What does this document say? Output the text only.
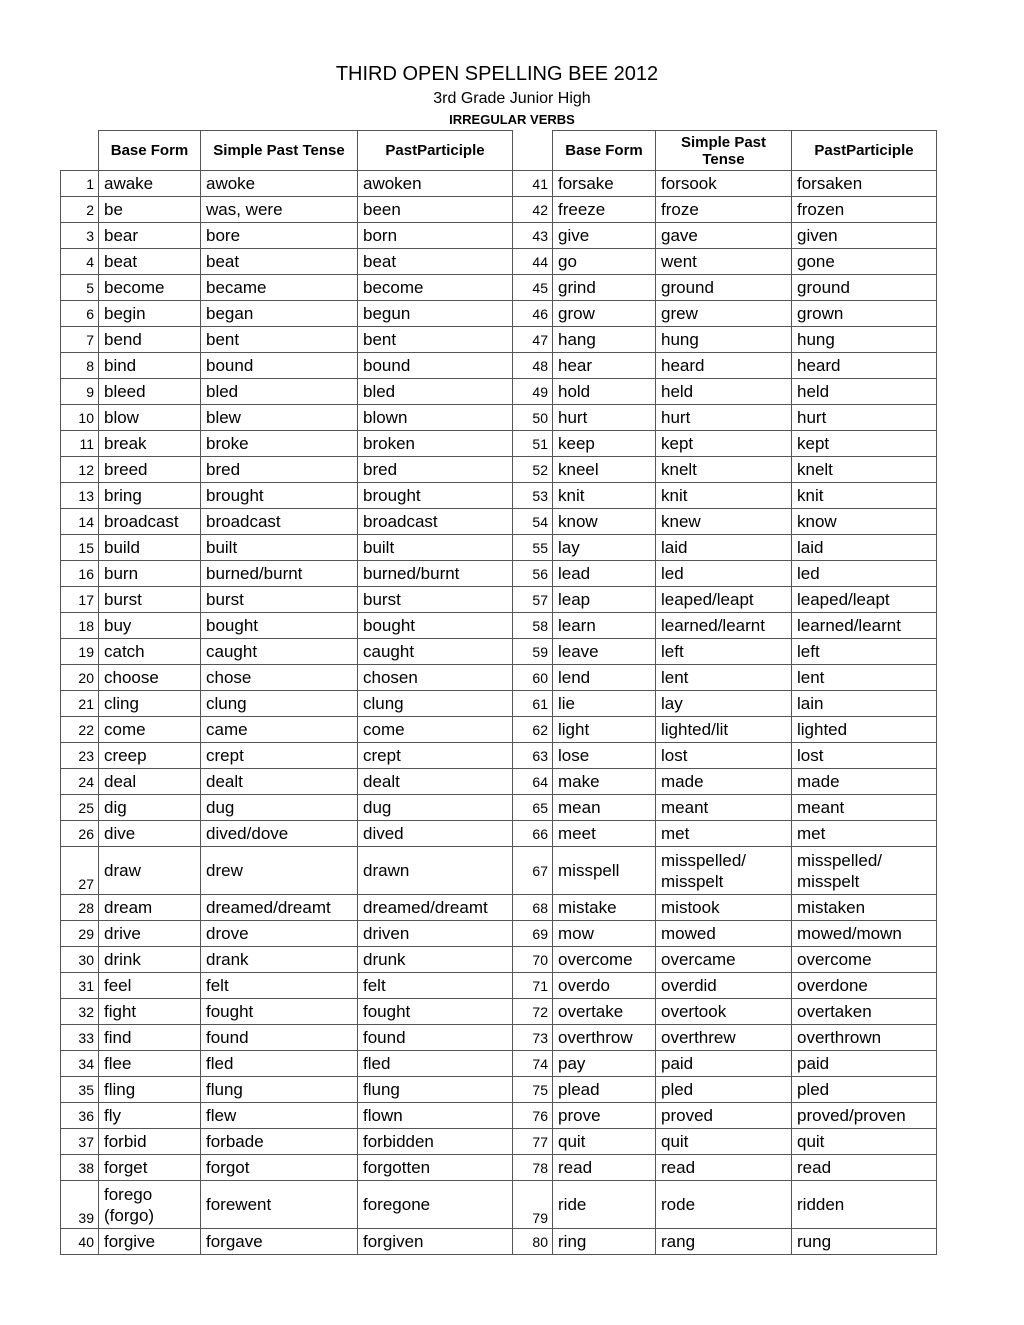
THIRD OPEN SPELLING BEE 2012
3rd Grade Junior High
IRREGULAR VERBS
	Base Form	Simple Past Tense	PastParticiple		Base Form	Simple Past Tense	PastParticiple
1	awake	awoke	awoken	41	forsake	forsook	forsaken
2	be	was, were	been	42	freeze	froze	frozen
3	bear	bore	born	43	give	gave	given
4	beat	beat	beat	44	go	went	gone
5	become	became	become	45	grind	ground	ground
6	begin	began	begun	46	grow	grew	grown
7	bend	bent	bent	47	hang	hung	hung
8	bind	bound	bound	48	hear	heard	heard
9	bleed	bled	bled	49	hold	held	held
10	blow	blew	blown	50	hurt	hurt	hurt
11	break	broke	broken	51	keep	kept	kept
12	breed	bred	bred	52	kneel	knelt	knelt
13	bring	brought	brought	53	knit	knit	knit
14	broadcast	broadcast	broadcast	54	know	knew	know
15	build	built	built	55	lay	laid	laid
16	burn	burned/burnt	burned/burnt	56	lead	led	led
17	burst	burst	burst	57	leap	leaped/leapt	leaped/leapt
18	buy	bought	bought	58	learn	learned/learnt	learned/learnt
19	catch	caught	caught	59	leave	left	left
20	choose	chose	chosen	60	lend	lent	lent
21	cling	clung	clung	61	lie	lay	lain
22	come	came	come	62	light	lighted/lit	lighted
23	creep	crept	crept	63	lose	lost	lost
24	deal	dealt	dealt	64	make	made	made
25	dig	dug	dug	65	mean	meant	meant
26	dive	dived/dove	dived	66	meet	met	met
27	draw	drew	drawn	67	misspell	misspelled/ misspelt	misspelled/ misspelt
28	dream	dreamed/dreamt	dreamed/dreamt	68	mistake	mistook	mistaken
29	drive	drove	driven	69	mow	mowed	mowed/mown
30	drink	drank	drunk	70	overcome	overcame	overcome
31	feel	felt	felt	71	overdo	overdid	overdone
32	fight	fought	fought	72	overtake	overtook	overtaken
33	find	found	found	73	overthrow	overthrew	overthrown
34	flee	fled	fled	74	pay	paid	paid
35	fling	flung	flung	75	plead	pled	pled
36	fly	flew	flown	76	prove	proved	proved/proven
37	forbid	forbade	forbidden	77	quit	quit	quit
38	forget	forgot	forgotten	78	read	read	read
39	forego (forgo)	forewent	foregone	79	ride	rode	ridden
40	forgive	forgave	forgiven	80	ring	rang	rung
